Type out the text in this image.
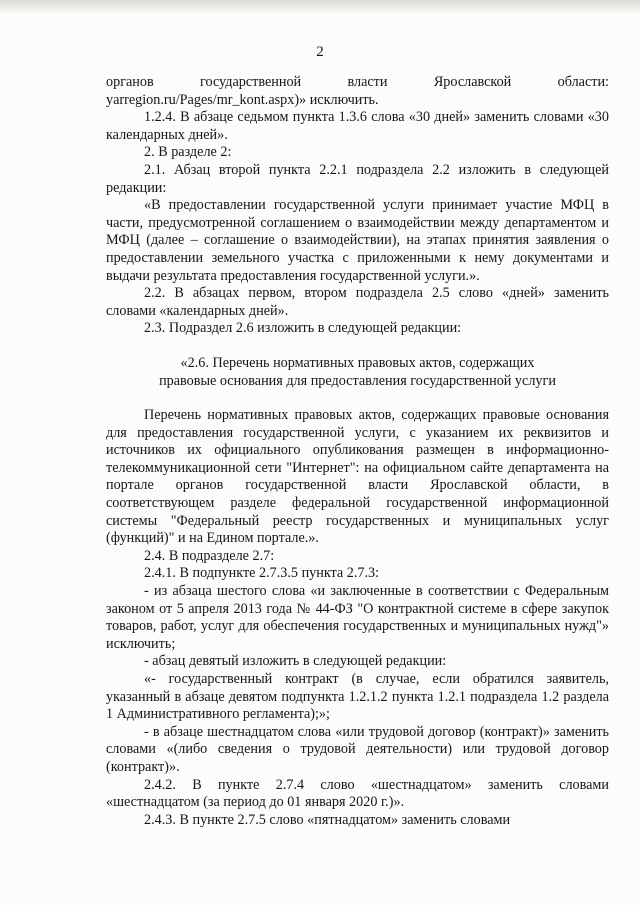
2

органов государственной власти Ярославской области: yarregion.ru/Pages/mr_kont.aspx)» исключить.

1.2.4. В абзаце седьмом пункта 1.3.6 слова «30 дней» заменить словами «30 календарных дней».

2. В разделе 2:

2.1. Абзац второй пункта 2.2.1 подраздела 2.2 изложить в следующей редакции:

«В предоставлении государственной услуги принимает участие МФЦ в части, предусмотренной соглашением о взаимодействии между департаментом и МФЦ (далее – соглашение о взаимодействии), на этапах принятия заявления о предоставлении земельного участка с приложенными к нему документами и выдачи результата предоставления государственной услуги.».

2.2. В абзацах первом, втором подраздела 2.5 слово «дней» заменить словами «календарных дней».

2.3. Подраздел 2.6 изложить в следующей редакции:

«2.6. Перечень нормативных правовых актов, содержащих
правовые основания для предоставления государственной услуги

Перечень нормативных правовых актов, содержащих правовые основания для предоставления государственной услуги, с указанием их реквизитов и источников их официального опубликования размещен в информационно-телекоммуникационной сети "Интернет": на официальном сайте департамента на портале органов государственной власти Ярославской области, в соответствующем разделе федеральной государственной информационной системы "Федеральный реестр государственных и муниципальных услуг (функций)" и на Едином портале.».

2.4. В подразделе 2.7:

2.4.1. В подпункте 2.7.3.5 пункта 2.7.3:

- из абзаца шестого слова «и заключенные в соответствии с Федеральным законом от 5 апреля 2013 года № 44-ФЗ "О контрактной системе в сфере закупок товаров, работ, услуг для обеспечения государственных и муниципальных нужд"» исключить;

- абзац девятый изложить в следующей редакции:

«- государственный контракт (в случае, если обратился заявитель, указанный в абзаце девятом подпункта 1.2.1.2 пункта 1.2.1 подраздела 1.2 раздела 1 Административного регламента);»;

- в абзаце шестнадцатом слова «или трудовой договор (контракт)» заменить словами «(либо сведения о трудовой деятельности) или трудовой договор (контракт)».

2.4.2. В пункте 2.7.4 слово «шестнадцатом» заменить словами «шестнадцатом (за период до 01 января 2020 г.)».

2.4.3. В пункте 2.7.5 слово «пятнадцатом» заменить словами
